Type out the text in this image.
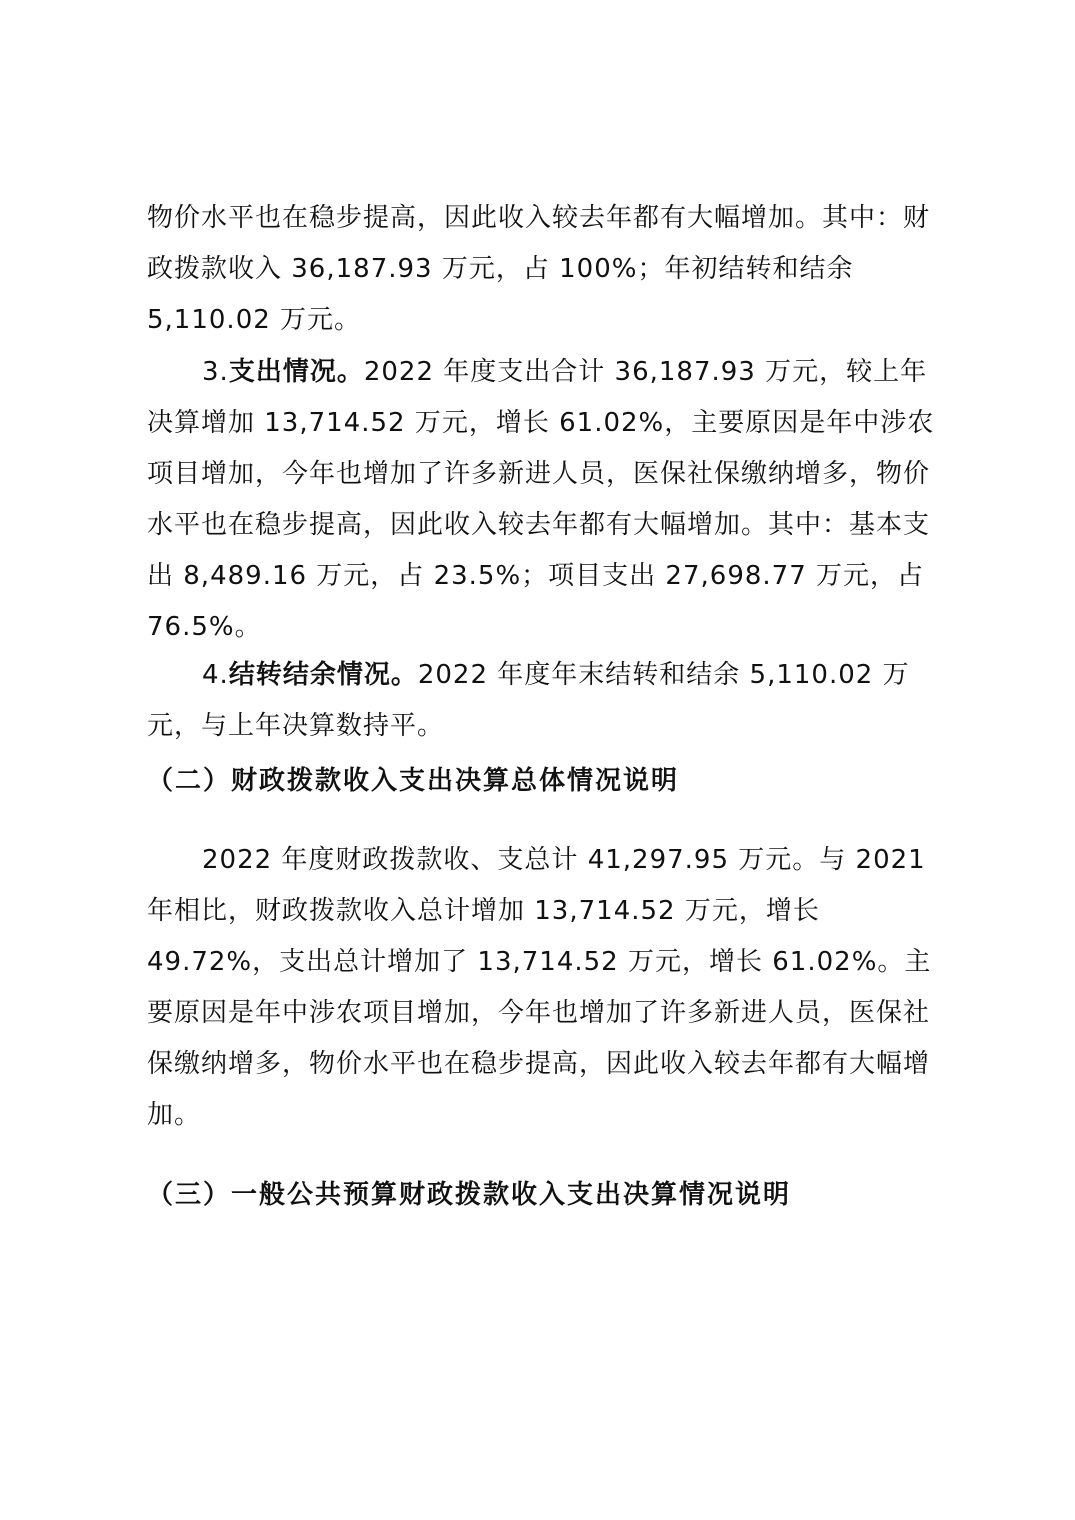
物价水平也在稳步提高，因此收入较去年都有大幅增加。其中：财政拨款收入 36,187.93 万元，占 100%；年初结转和结余 5,110.02 万元。

3.支出情况。2022 年度支出合计 36,187.93 万元，较上年决算增加 13,714.52 万元，增长 61.02%，主要原因是年中涉农项目增加，今年也增加了许多新进人员，医保社保缴纳增多，物价水平也在稳步提高，因此收入较去年都有大幅增加。其中：基本支出 8,489.16 万元，占 23.5%；项目支出 27,698.77 万元，占 76.5%。

4.结转结余情况。2022 年度年末结转和结余 5,110.02 万元，与上年决算数持平。

（二）财政拨款收入支出决算总体情况说明

2022 年度财政拨款收、支总计 41,297.95 万元。与 2021 年相比，财政拨款收入总计增加 13,714.52 万元，增长 49.72%，支出总计增加了 13,714.52 万元，增长 61.02%。主要原因是年中涉农项目增加，今年也增加了许多新进人员，医保社保缴纳增多，物价水平也在稳步提高，因此收入较去年都有大幅增加。

（三）一般公共预算财政拨款收入支出决算情况说明
